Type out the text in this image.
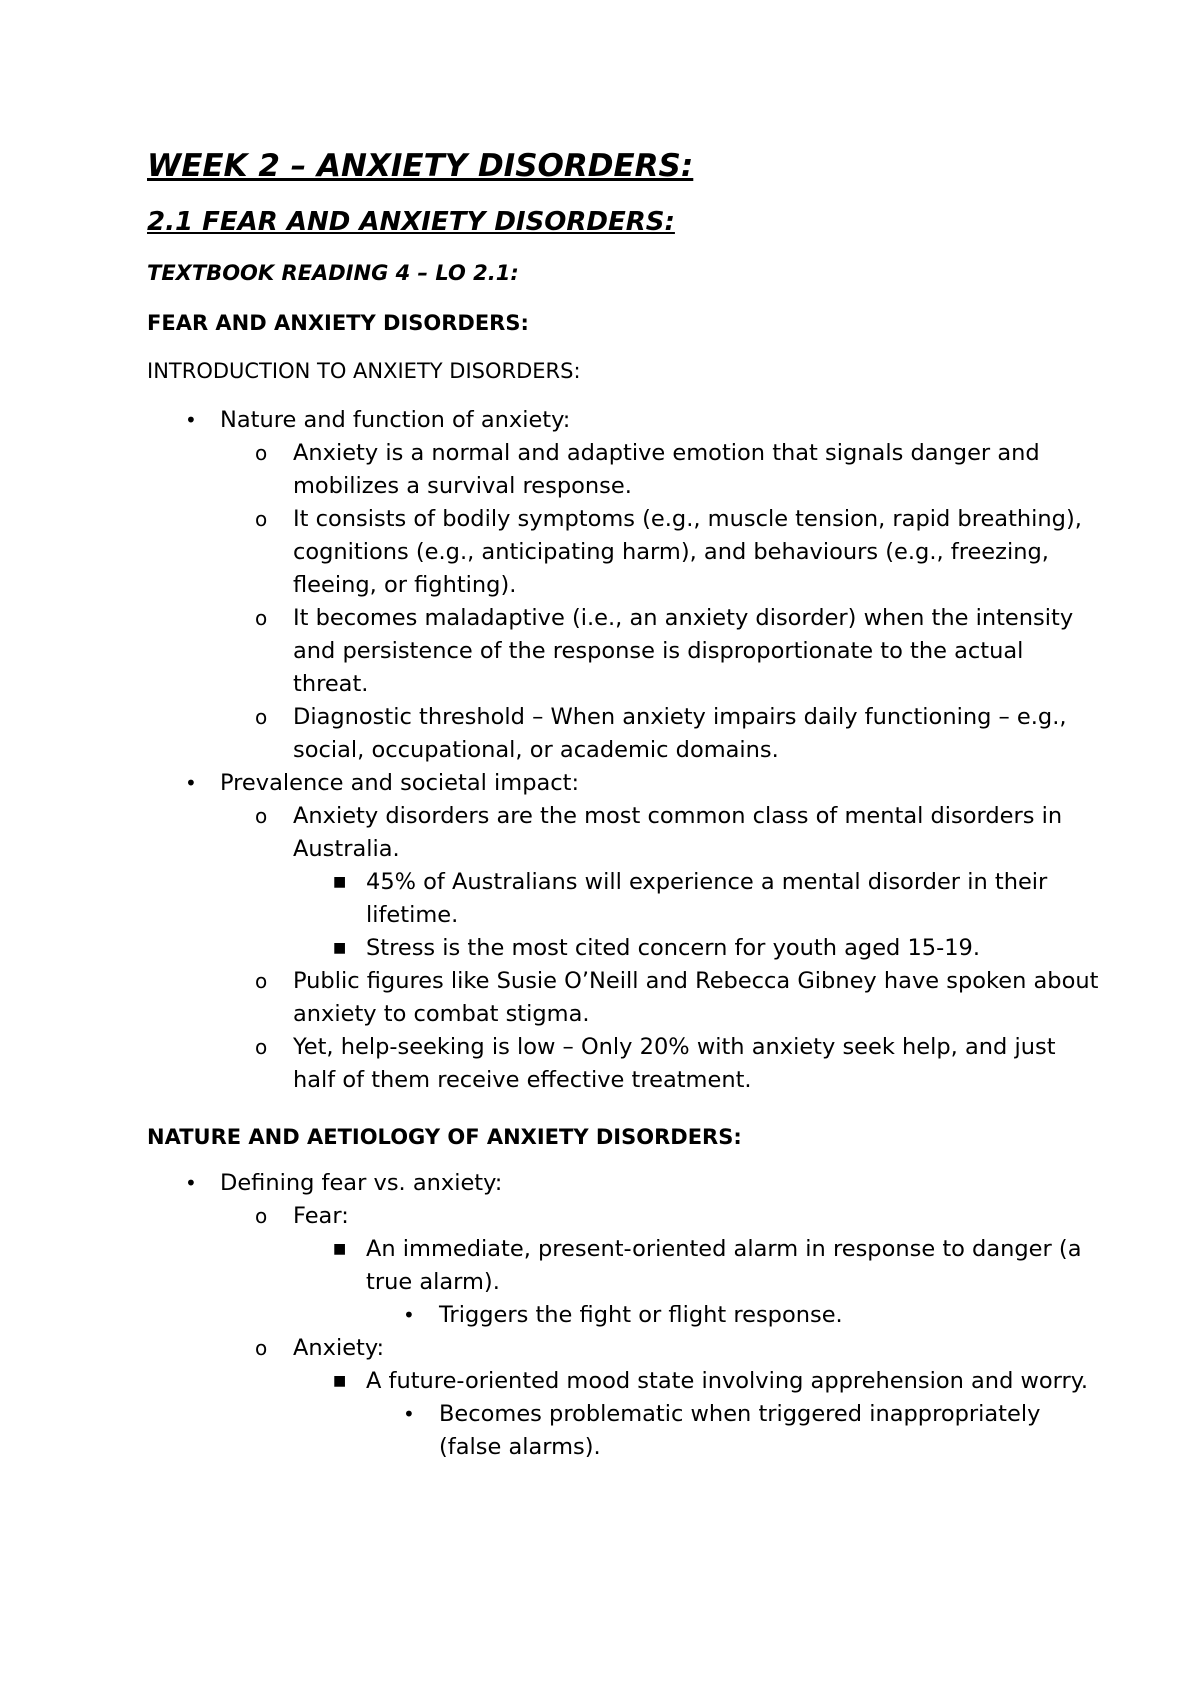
WEEK 2 – ANXIETY DISORDERS:
2.1 FEAR AND ANXIETY DISORDERS:
TEXTBOOK READING 4 – LO 2.1:
FEAR AND ANXIETY DISORDERS:
INTRODUCTION TO ANXIETY DISORDERS:
• Nature and function of anxiety:
o Anxiety is a normal and adaptive emotion that signals danger and mobilizes a survival response.
o It consists of bodily symptoms (e.g., muscle tension, rapid breathing), cognitions (e.g., anticipating harm), and behaviours (e.g., freezing, fleeing, or fighting).
o It becomes maladaptive (i.e., an anxiety disorder) when the intensity and persistence of the response is disproportionate to the actual threat.
o Diagnostic threshold – When anxiety impairs daily functioning – e.g., social, occupational, or academic domains.
• Prevalence and societal impact:
o Anxiety disorders are the most common class of mental disorders in Australia.
■ 45% of Australians will experience a mental disorder in their lifetime.
■ Stress is the most cited concern for youth aged 15-19.
o Public figures like Susie O’Neill and Rebecca Gibney have spoken about anxiety to combat stigma.
o Yet, help-seeking is low – Only 20% with anxiety seek help, and just half of them receive effective treatment.
NATURE AND AETIOLOGY OF ANXIETY DISORDERS:
• Defining fear vs. anxiety:
o Fear:
■ An immediate, present-oriented alarm in response to danger (a true alarm).
• Triggers the fight or flight response.
o Anxiety:
■ A future-oriented mood state involving apprehension and worry.
• Becomes problematic when triggered inappropriately (false alarms).
